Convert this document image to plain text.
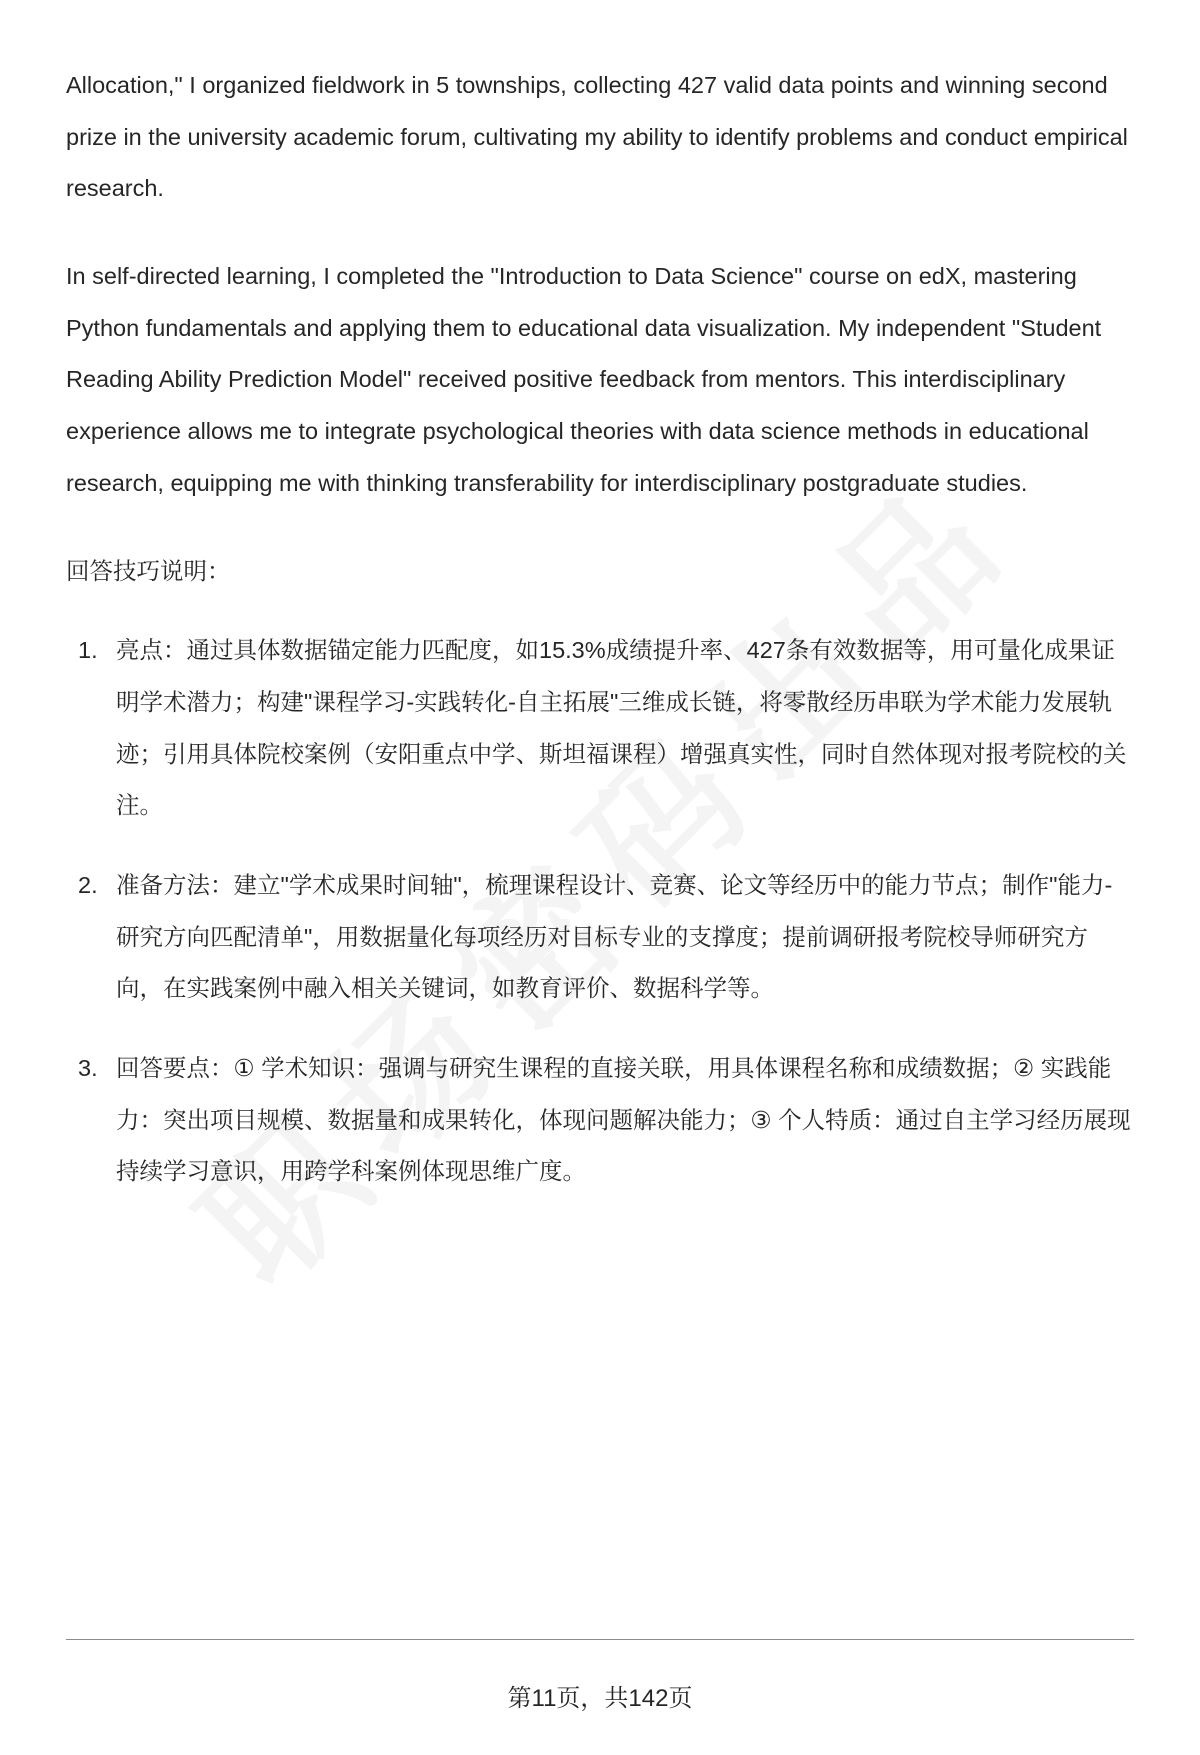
Allocation," I organized fieldwork in 5 townships, collecting 427 valid data points and winning second prize in the university academic forum, cultivating my ability to identify problems and conduct empirical research.

In self-directed learning, I completed the "Introduction to Data Science" course on edX, mastering Python fundamentals and applying them to educational data visualization. My independent "Student Reading Ability Prediction Model" received positive feedback from mentors. This interdisciplinary experience allows me to integrate psychological theories with data science methods in educational research, equipping me with thinking transferability for interdisciplinary postgraduate studies.

回答技巧说明：
1. 亮点：通过具体数据锚定能力匹配度，如15.3%成绩提升率、427条有效数据等，用可量化成果证明学术潜力；构建"课程学习-实践转化-自主拓展"三维成长链，将零散经历串联为学术能力发展轨迹；引用具体院校案例（安阳重点中学、斯坦福课程）增强真实性，同时自然体现对报考院校的关注。
2. 准备方法：建立"学术成果时间轴"，梳理课程设计、竞赛、论文等经历中的能力节点；制作"能力-研究方向匹配清单"，用数据量化每项经历对目标专业的支撑度；提前调研报考院校导师研究方向，在实践案例中融入相关关键词，如教育评价、数据科学等。
3. 回答要点：① 学术知识：强调与研究生课程的直接关联，用具体课程名称和成绩数据；② 实践能力：突出项目规模、数据量和成果转化，体现问题解决能力；③ 个人特质：通过自主学习经历展现持续学习意识，用跨学科案例体现思维广度。
第11页，共142页
